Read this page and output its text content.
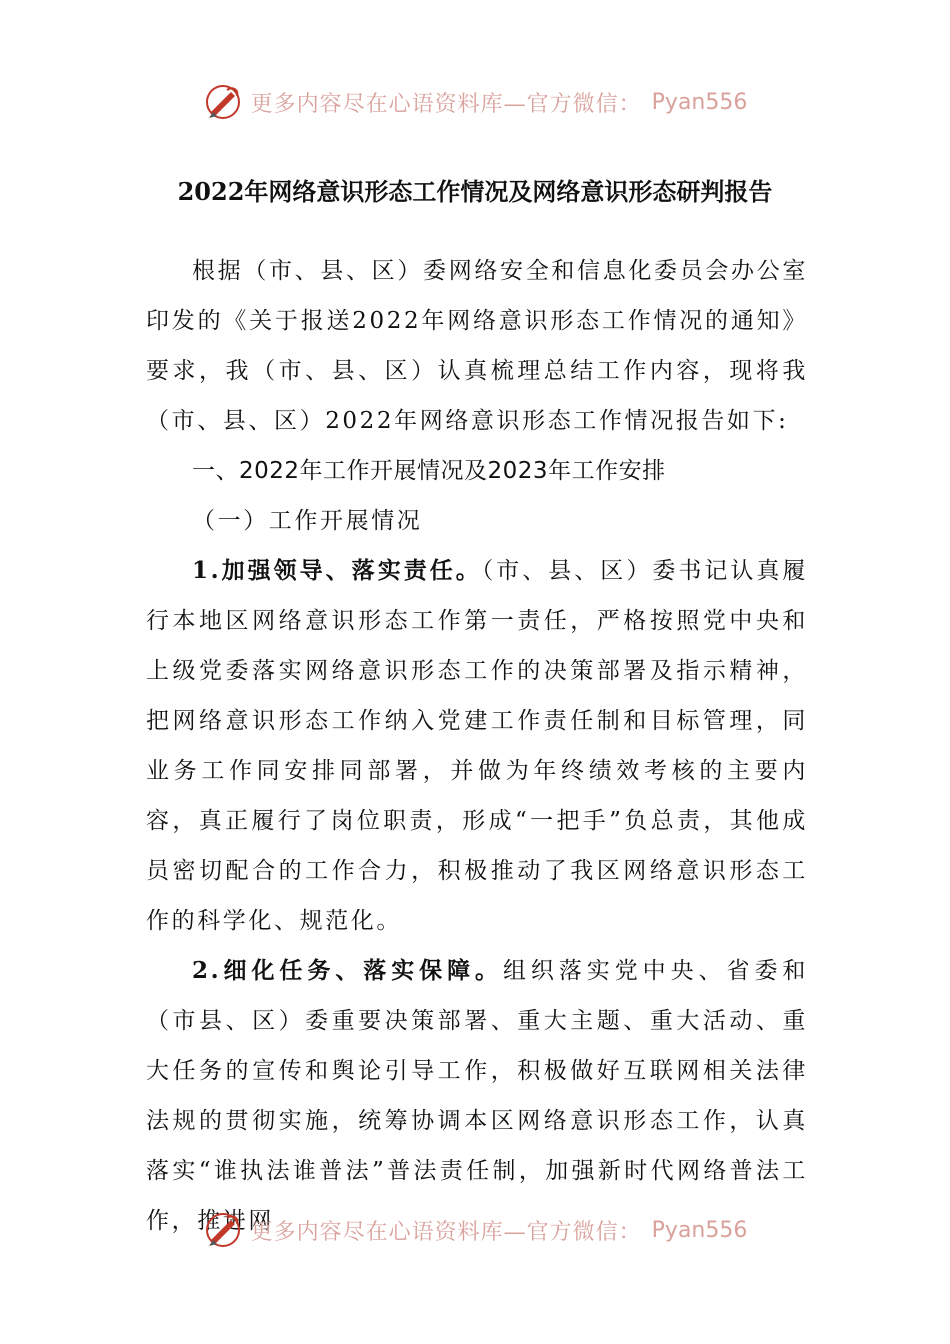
更多内容尽在心语资料库—官方微信： Pyan556
2022年网络意识形态工作情况及网络意识形态研判报告

根据（市、县、区）委网络安全和信息化委员会办公室印发的《关于报送2022年网络意识形态工作情况的通知》要求，我（市、县、区）认真梳理总结工作内容，现将我（市、县、区）2022年网络意识形态工作情况报告如下:

一、2022年工作开展情况及2023年工作安排

（一）工作开展情况

1.加强领导、落实责任。（市、县、区）委书记认真履行本地区网络意识形态工作第一责任，严格按照党中央和上级党委落实网络意识形态工作的决策部署及指示精神，把网络意识形态工作纳入党建工作责任制和目标管理，同业务工作同安排同部署，并做为年终绩效考核的主要内容，真正履行了岗位职责，形成“一把手”负总责，其他成员密切配合的工作合力，积极推动了我区网络意识形态工作的科学化、规范化。

2.细化任务、落实保障。组织落实党中央、省委和（市县、区）委重要决策部署、重大主题、重大活动、重大任务的宣传和舆论引导工作，积极做好互联网相关法律法规的贯彻实施，统筹协调本区网络意识形态工作，认真落实“谁执法谁普法”普法责任制，加强新时代网络普法工作，推进网

更多内容尽在心语资料库—官方微信： Pyan556
